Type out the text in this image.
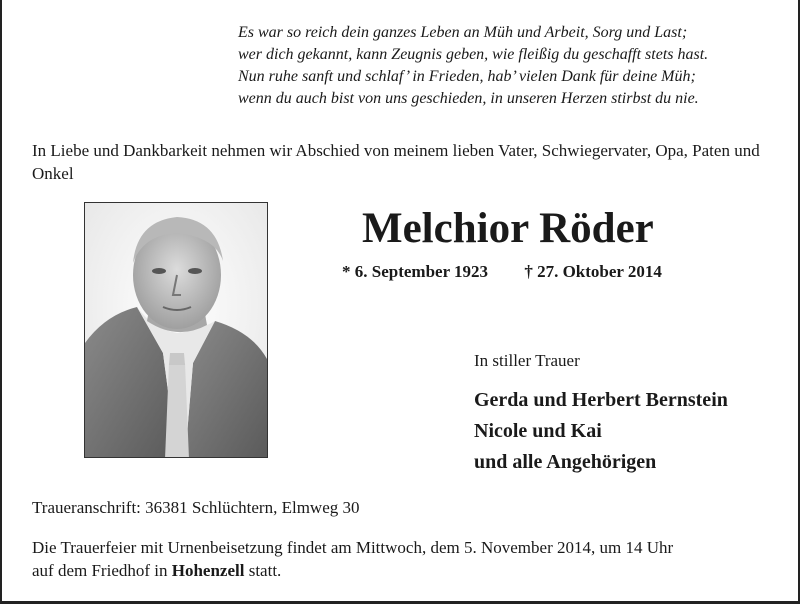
Es war so reich dein ganzes Leben an Müh und Arbeit, Sorg und Last;
wer dich gekannt, kann Zeugnis geben, wie fleißig du geschafft stets hast.
Nun ruhe sanft und schlaf’ in Frieden, hab’ vielen Dank für deine Müh;
wenn du auch bist von uns geschieden, in unseren Herzen stirbst du nie.
In Liebe und Dankbarkeit nehmen wir Abschied von meinem lieben Vater, Schwiegervater, Opa, Paten und Onkel
Melchior Röder
* 6. September 1923 † 27. Oktober 2014
In stiller Trauer
Gerda und Herbert Bernstein
Nicole und Kai
und alle Angehörigen
Traueranschrift: 36381 Schlüchtern, Elmweg 30
Die Trauerfeier mit Urnenbeisetzung findet am Mittwoch, dem 5. November 2014, um 14 Uhr
auf dem Friedhof in Hohenzell statt.
